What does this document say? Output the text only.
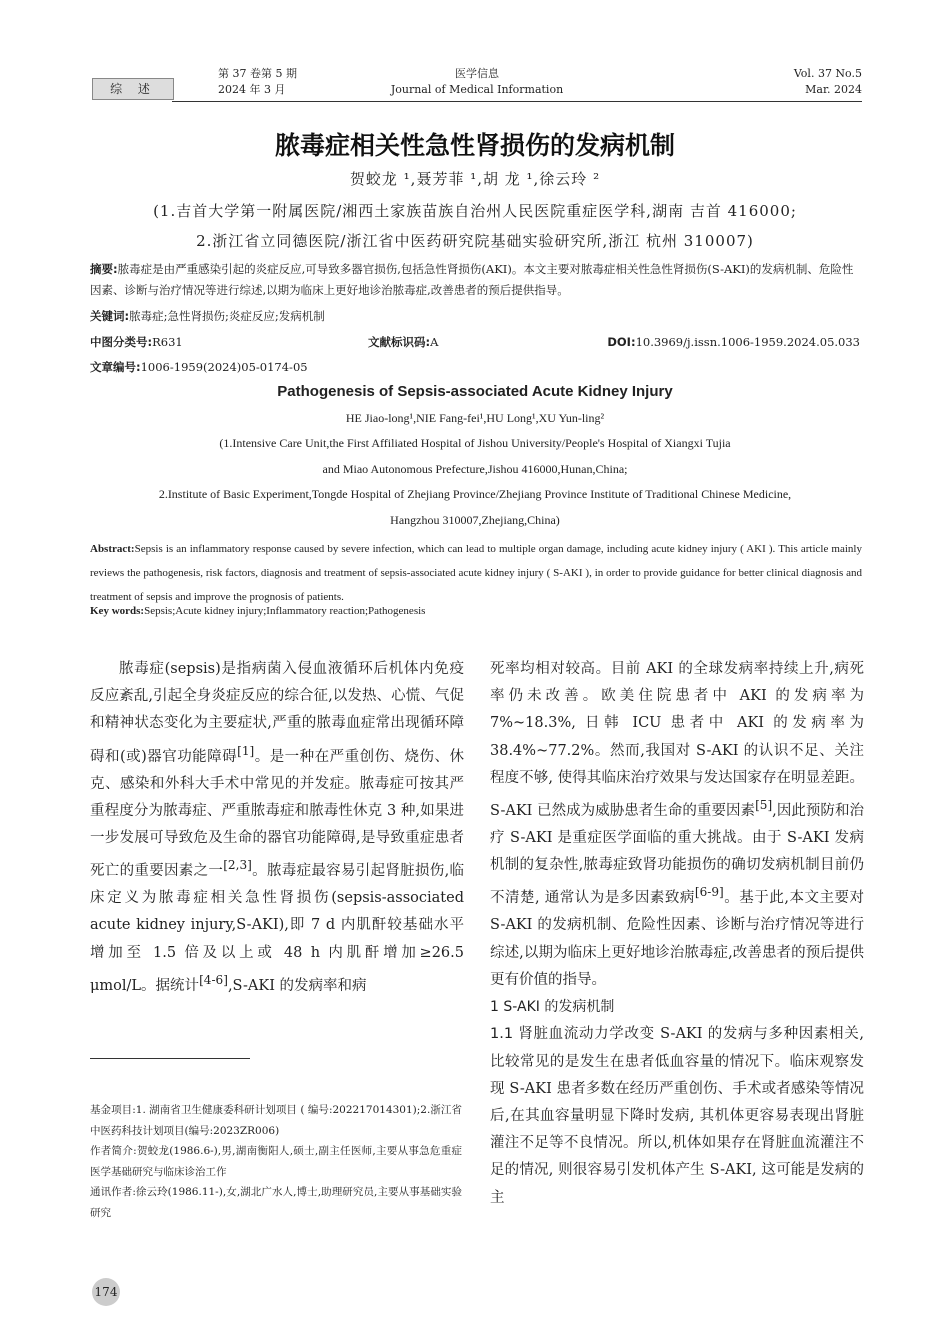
综 述
第 37 卷第 5 期
2024 年 3 月
医学信息
Journal of Medical Information
Vol. 37 No.5
Mar. 2024
脓毒症相关性急性肾损伤的发病机制
贺蛟龙 ¹,聂芳菲 ¹,胡 龙 ¹,徐云玲 ²
(1.吉首大学第一附属医院/湘西土家族苗族自治州人民医院重症医学科,湖南 吉首 416000;
2.浙江省立同德医院/浙江省中医药研究院基础实验研究所,浙江 杭州 310007)
摘要:脓毒症是由严重感染引起的炎症反应,可导致多器官损伤,包括急性肾损伤(AKI)。本文主要对脓毒症相关性急性肾损伤(S-AKI)的发病机制、危险性因素、诊断与治疗情况等进行综述,以期为临床上更好地诊治脓毒症,改善患者的预后提供指导。
关键词:脓毒症;急性肾损伤;炎症反应;发病机制
中图分类号:R631	文献标识码:A	DOI:10.3969/j.issn.1006-1959.2024.05.033
文章编号:1006-1959(2024)05-0174-05
Pathogenesis of Sepsis-associated Acute Kidney Injury
HE Jiao-long¹,NIE Fang-fei¹,HU Long¹,XU Yun-ling²
(1.Intensive Care Unit,the First Affiliated Hospital of Jishou University/People's Hospital of Xiangxi Tujia
and Miao Autonomous Prefecture,Jishou 416000,Hunan,China;
2.Institute of Basic Experiment,Tongde Hospital of Zhejiang Province/Zhejiang Province Institute of Traditional Chinese Medicine,
Hangzhou 310007,Zhejiang,China)
Abstract:Sepsis is an inflammatory response caused by severe infection, which can lead to multiple organ damage, including acute kidney injury ( AKI ). This article mainly reviews the pathogenesis, risk factors, diagnosis and treatment of sepsis-associated acute kidney injury ( S-AKI ), in order to provide guidance for better clinical diagnosis and treatment of sepsis and improve the prognosis of patients.
Key words:Sepsis;Acute kidney injury;Inflammatory reaction;Pathogenesis

脓毒症(sepsis)是指病菌入侵血液循环后机体内免疫反应紊乱,引起全身炎症反应的综合征,以发热、心慌、气促和精神状态变化为主要症状,严重的脓毒血症常出现循环障碍和(或)器官功能障碍[1]。是一种在严重创伤、烧伤、休克、感染和外科大手术中常见的并发症。脓毒症可按其严重程度分为脓毒症、严重脓毒症和脓毒性休克 3 种,如果进一步发展可导致危及生命的器官功能障碍,是导致重症患者死亡的重要因素之一[2,3]。脓毒症最容易引起肾脏损伤,临床定义为脓毒症相关急性肾损伤(sepsis-associated acute kidney injury,S-AKI),即 7 d 内肌酐较基础水平增加至 1.5 倍及以上或 48 h 内肌酐增加≥26.5 μmol/L。据统计[4-6],S-AKI 的发病率和病

死率均相对较高。目前 AKI 的全球发病率持续上升,病死率仍未改善。欧美住院患者中 AKI 的发病率为 7%~18.3%, 日韩 ICU 患者中 AKI 的发病率为 38.4%~77.2%。然而,我国对 S-AKI 的认识不足、关注程度不够, 使得其临床治疗效果与发达国家存在明显差距。S-AKI 已然成为威胁患者生命的重要因素[5],因此预防和治疗 S-AKI 是重症医学面临的重大挑战。由于 S-AKI 发病机制的复杂性,脓毒症致肾功能损伤的确切发病机制目前仍不清楚, 通常认为是多因素致病[6-9]。基于此,本文主要对 S-AKI 的发病机制、危险性因素、诊断与治疗情况等进行综述,以期为临床上更好地诊治脓毒症,改善患者的预后提供更有价值的指导。

1 S-AKI 的发病机制

1.1 肾脏血流动力学改变 S-AKI 的发病与多种因素相关, 比较常见的是发生在患者低血容量的情况下。临床观察发现 S-AKI 患者多数在经历严重创伤、手术或者感染等情况后,在其血容量明显下降时发病, 其机体更容易表现出肾脏灌注不足等不良情况。所以,机体如果存在肾脏血流灌注不足的情况, 则很容易引发机体产生 S-AKI, 这可能是发病的主

基金项目:1. 湖南省卫生健康委科研计划项目 ( 编号:202217014301);2.浙江省中医药科技计划项目(编号:2023ZR006)

作者简介:贺蛟龙(1986.6-),男,湖南衡阳人,硕士,副主任医师,主要从事急危重症医学基础研究与临床诊治工作

通讯作者:徐云玲(1986.11-),女,湖北广水人,博士,助理研究员,主要从事基础实验研究

174
